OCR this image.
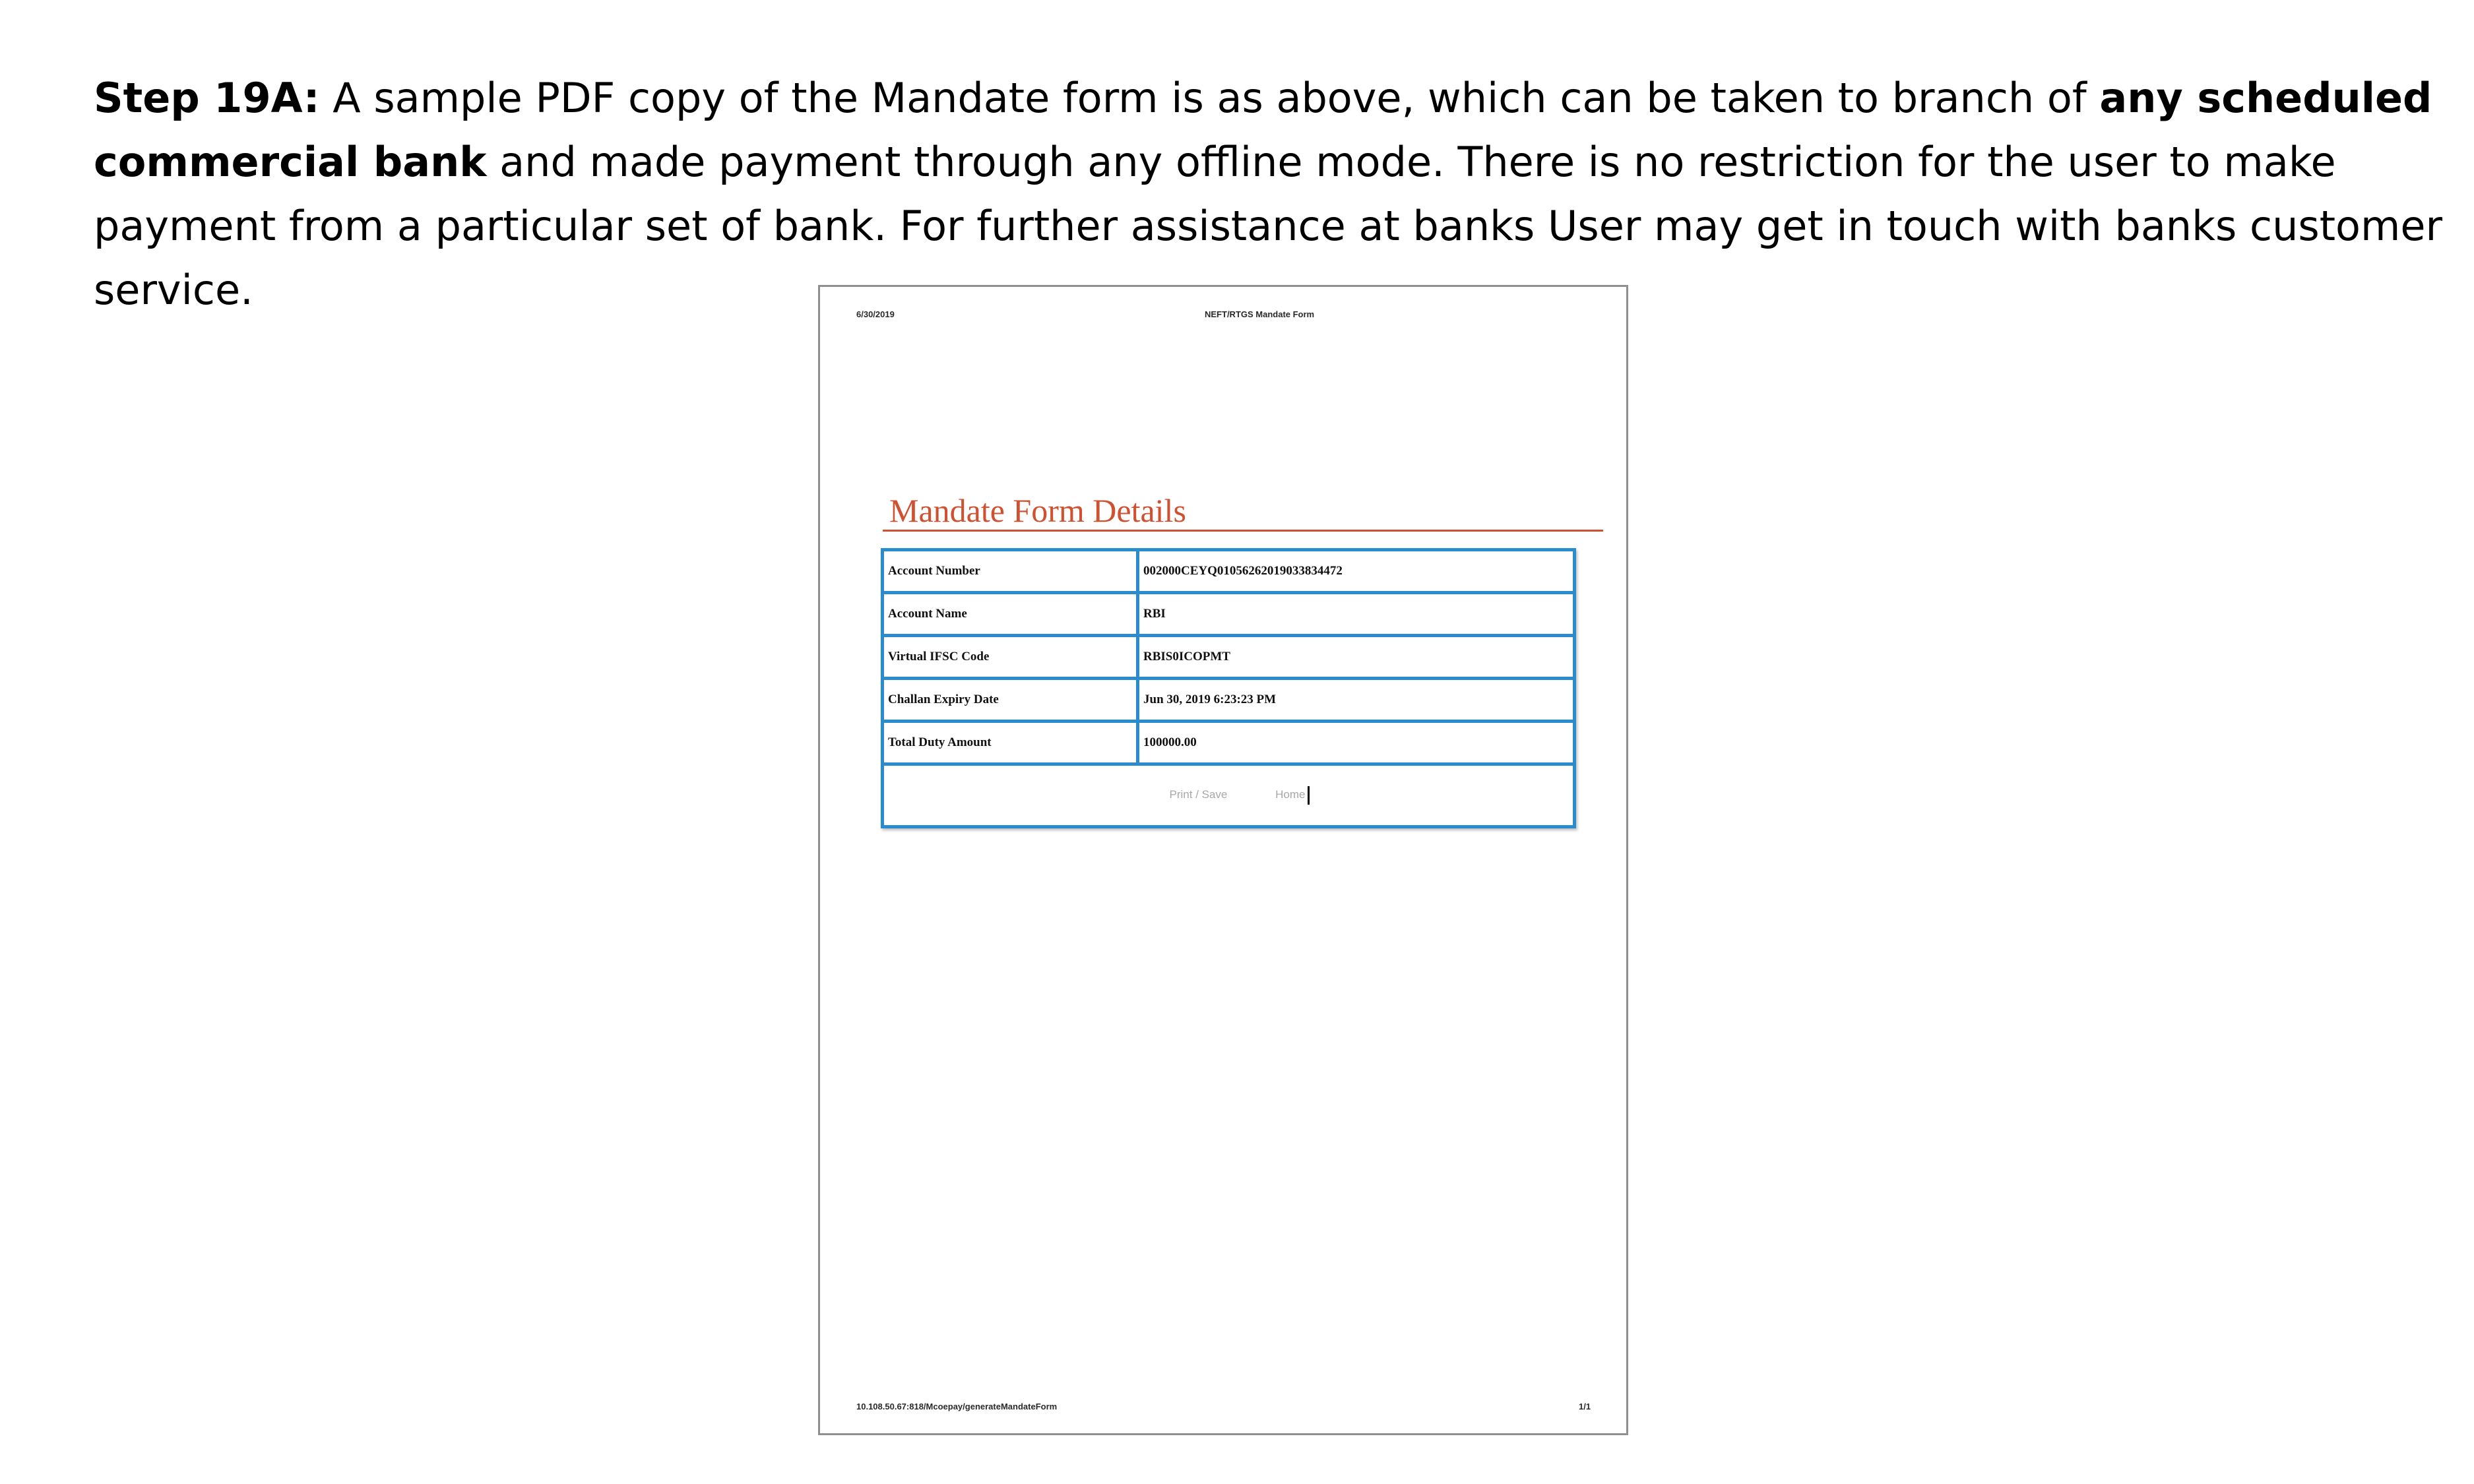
Step 19A: A sample PDF copy of the Mandate form is as above, which can be taken to branch of any scheduled commercial bank and made payment through any offline mode. There is no restriction for the user to make payment from a particular set of bank. For further assistance at banks User may get in touch with banks customer service.

6/30/2019	NEFT/RTGS Mandate Form
Mandate Form Details
Account Number	002000CEYQ01056262019033834472
Account Name	RBI
Virtual IFSC Code	RBIS0ICOPMT
Challan Expiry Date	Jun 30, 2019 6:23:23 PM
Total Duty Amount	100000.00
Print / Save Home	
10.108.50.67:818/Mcoepay/generateMandateForm	1/1
